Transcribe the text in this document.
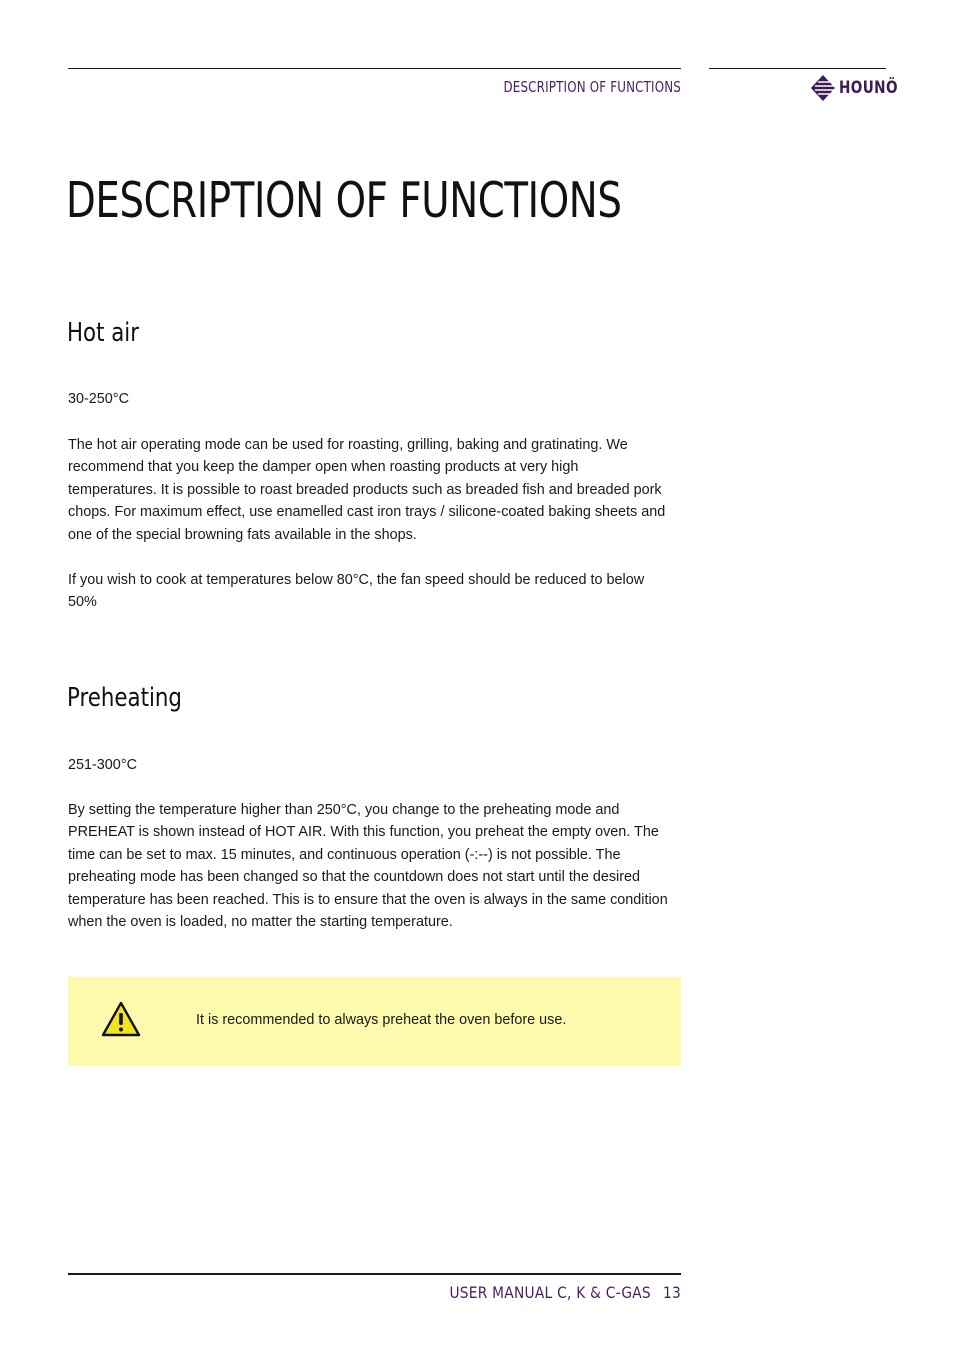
DESCRIPTION OF FUNCTIONS	HOUNÖ
DESCRIPTION OF FUNCTIONS
Hot air

30-250°C

The hot air operating mode can be used for roasting, grilling, baking and gratinating. We recommend that you keep the damper open when roasting products at very high temperatures. It is possible to roast breaded products such as breaded fish and breaded pork chops. For maximum effect, use enamelled cast iron trays / silicone-coated baking sheets and one of the special browning fats available in the shops.

If you wish to cook at temperatures below 80°C, the fan speed should be reduced to below 50%

Preheating

251-300°C

By setting the temperature higher than 250°C, you change to the preheating mode and PREHEAT is shown instead of HOT AIR. With this function, you preheat the empty oven. The time can be set to max. 15 minutes, and continuous operation (-:--) is not possible. The preheating mode has been changed so that the countdown does not start until the desired temperature has been reached. This is to ensure that the oven is always in the same condition when the oven is loaded, no matter the starting temperature.

It is recommended to always preheat the oven before use.
USER MANUAL C, K & C-GAS 13
